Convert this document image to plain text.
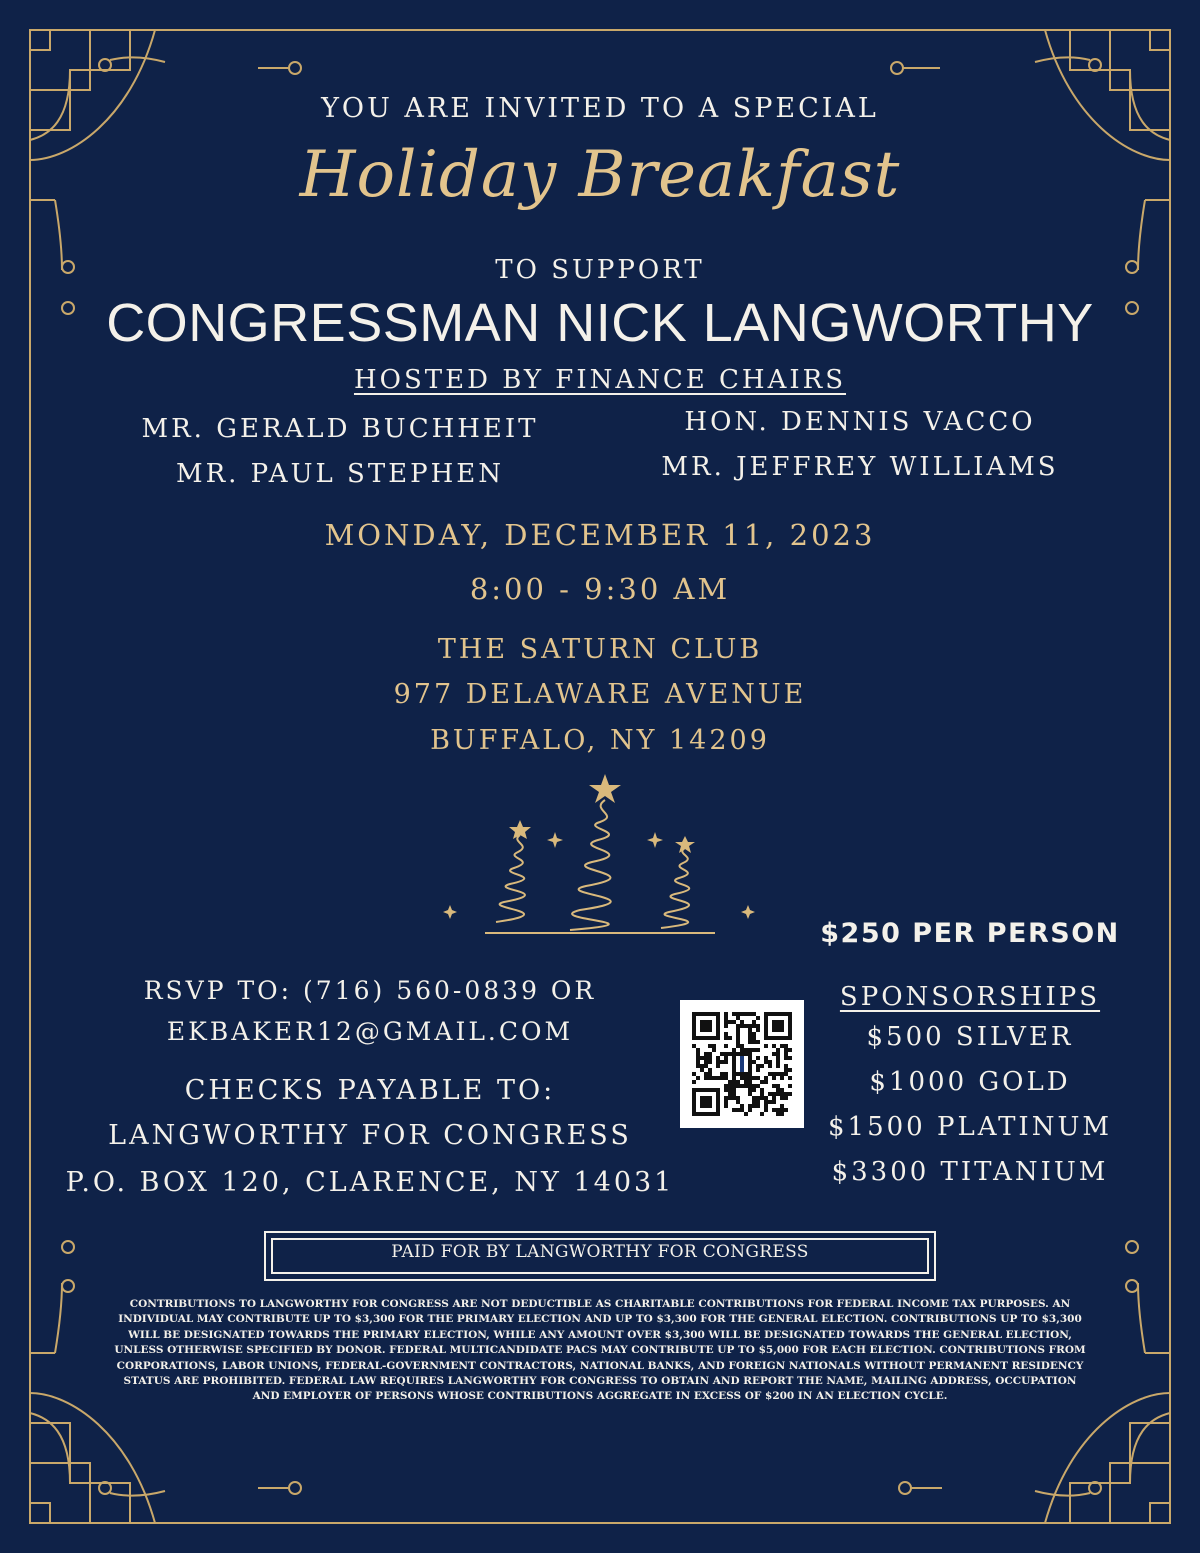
YOU ARE INVITED TO A SPECIAL
Holiday Breakfast
TO SUPPORT
CONGRESSMAN NICK LANGWORTHY
HOSTED BY FINANCE CHAIRS
MR. GERALD BUCHHEIT
MR. PAUL STEPHEN
HON. DENNIS VACCO
MR. JEFFREY WILLIAMS
MONDAY, DECEMBER 11, 2023
8:00 - 9:30 AM
THE SATURN CLUB
977 DELAWARE AVENUE
BUFFALO, NY 14209
$250 PER PERSON
SPONSORSHIPS
$500 SILVER
$1000 GOLD
$1500 PLATINUM
$3300 TITANIUM
RSVP TO: (716) 560-0839 OR
EKBAKER12@GMAIL.COM
CHECKS PAYABLE TO:
LANGWORTHY FOR CONGRESS
P.O. BOX 120, CLARENCE, NY 14031
PAID FOR BY LANGWORTHY FOR CONGRESS
CONTRIBUTIONS TO LANGWORTHY FOR CONGRESS ARE NOT DEDUCTIBLE AS CHARITABLE CONTRIBUTIONS FOR FEDERAL INCOME TAX PURPOSES. AN INDIVIDUAL MAY CONTRIBUTE UP TO $3,300 FOR THE PRIMARY ELECTION AND UP TO $3,300 FOR THE GENERAL ELECTION. CONTRIBUTIONS UP TO $3,300 WILL BE DESIGNATED TOWARDS THE PRIMARY ELECTION, WHILE ANY AMOUNT OVER $3,300 WILL BE DESIGNATED TOWARDS THE GENERAL ELECTION, UNLESS OTHERWISE SPECIFIED BY DONOR. FEDERAL MULTICANDIDATE PACS MAY CONTRIBUTE UP TO $5,000 FOR EACH ELECTION. CONTRIBUTIONS FROM CORPORATIONS, LABOR UNIONS, FEDERAL-GOVERNMENT CONTRACTORS, NATIONAL BANKS, AND FOREIGN NATIONALS WITHOUT PERMANENT RESIDENCY STATUS ARE PROHIBITED. FEDERAL LAW REQUIRES LANGWORTHY FOR CONGRESS TO OBTAIN AND REPORT THE NAME, MAILING ADDRESS, OCCUPATION AND EMPLOYER OF PERSONS WHOSE CONTRIBUTIONS AGGREGATE IN EXCESS OF $200 IN AN ELECTION CYCLE.
